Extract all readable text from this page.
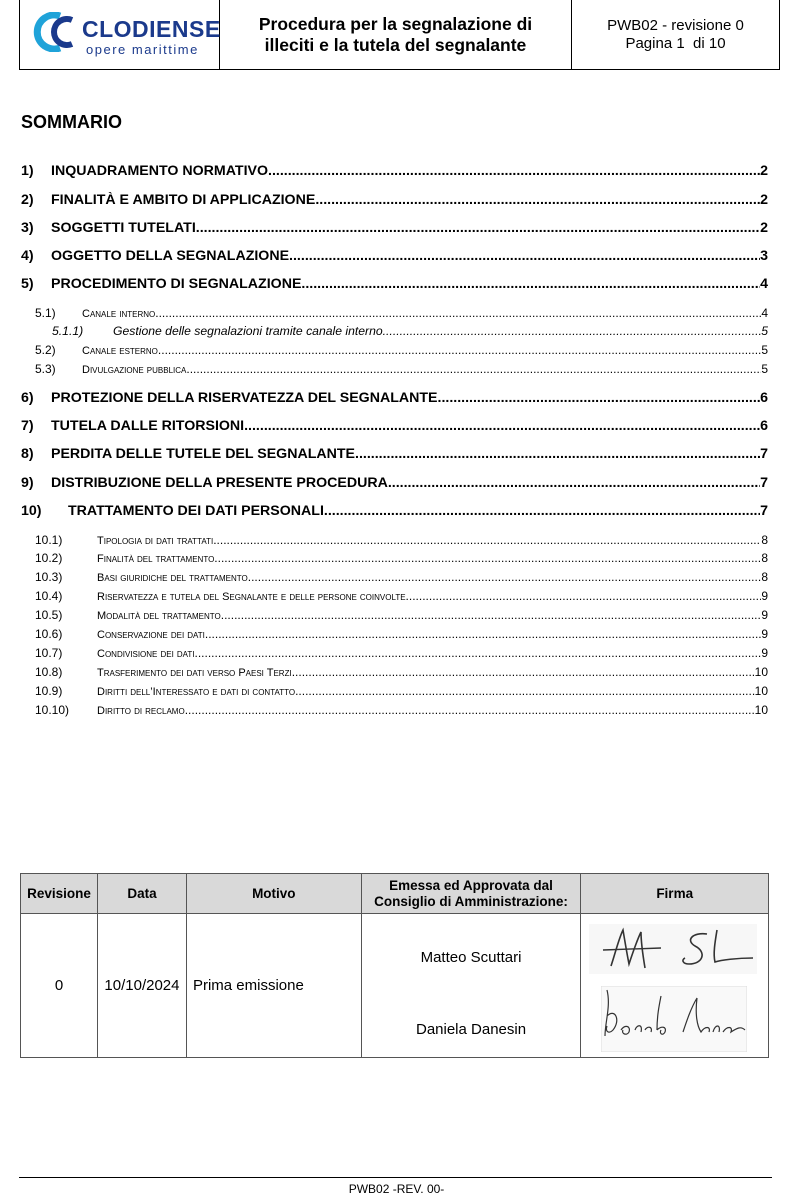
CLODIENSE
opere marittime
Procedura per la segnalazione di
illeciti e la tutela del segnalante
PWB02 - revisione 0
Pagina 1  di 10
SOMMARIO
1)	INQUADRAMENTO NORMATIVO .....	2
2)	FINALITÀ E AMBITO DI APPLICAZIONE .....	2
3)	SOGGETTI TUTELATI .....	2
4)	OGGETTO DELLA SEGNALAZIONE .....	3
5)	PROCEDIMENTO DI SEGNALAZIONE .....	4
5.1)	Canale interno .....	4
5.1.1)	Gestione delle segnalazioni tramite canale interno .....	5
5.2)	Canale esterno .....	5
5.3)	Divulgazione pubblica .....	5
6)	PROTEZIONE DELLA RISERVATEZZA DEL SEGNALANTE .....	6
7)	TUTELA DALLE RITORSIONI .....	6
8)	PERDITA DELLE TUTELE DEL SEGNALANTE .....	7
9)	DISTRIBUZIONE DELLA PRESENTE PROCEDURA .....	7
10)	TRATTAMENTO DEI DATI PERSONALI .....	7
10.1)	Tipologia di dati trattati .....	8
10.2)	Finalità del trattamento .....	8
10.3)	Basi giuridiche del trattamento .....	8
10.4)	Riservatezza e tutela del Segnalante e delle persone coinvolte .....	9
10.5)	Modalità del trattamento .....	9
10.6)	Conservazione dei dati .....	9
10.7)	Condivisione dei dati .....	9
10.8)	Trasferimento dei dati verso Paesi Terzi .....	10
10.9)	Diritti dell’Interessato e dati di contatto .....	10
10.10)	Diritto di reclamo .....	10
Revisione	Data	Motivo	Emessa ed Approvata dal
Consiglio di Amministrazione:	Firma
0	10/10/2024	Prima emissione	Matteo Scuttari
Daniela Danesin

PWB02 -REV. 00-
